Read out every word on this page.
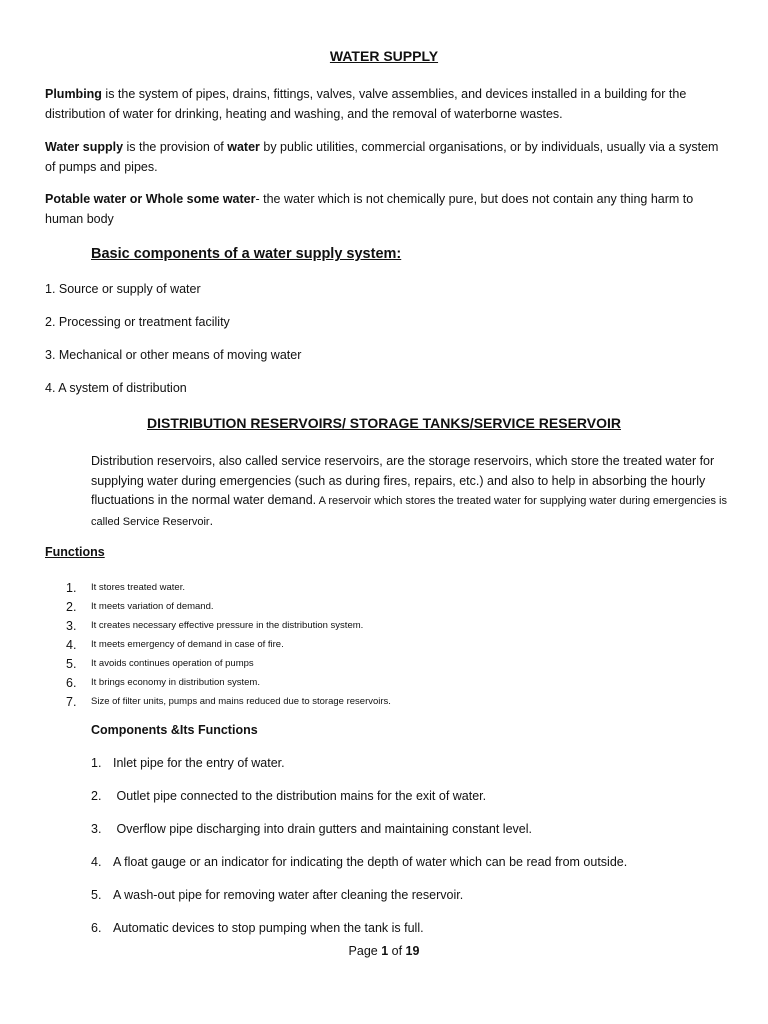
WATER SUPPLY
Plumbing is the system of pipes, drains, fittings, valves, valve assemblies, and devices installed in a building for the distribution of water for drinking, heating and washing, and the removal of waterborne wastes.
Water supply is the provision of water by public utilities, commercial organisations, or by individuals, usually via a system of pumps and pipes.
Potable water or Whole some water- the water which is not chemically pure, but does not contain any thing harm to human body
Basic components of a water supply system:
1. Source or supply of water
2. Processing or treatment facility
3. Mechanical or other means of moving water
4. A system of distribution
DISTRIBUTION RESERVOIRS/ STORAGE TANKS/SERVICE RESERVOIR
Distribution reservoirs, also called service reservoirs, are the storage reservoirs, which store the treated water for supplying water during emergencies (such as during fires, repairs, etc.) and also to help in absorbing the hourly fluctuations in the normal water demand. A reservoir which stores the treated water for supplying water during emergencies is called Service Reservoir.
Functions
1.	It stores treated water.
2.	It meets variation of demand.
3.	It creates necessary effective pressure in the distribution system.
4.	It meets emergency of demand in case of fire.
5.	It avoids continues operation of pumps
6.	It brings economy in distribution system.
7.	Size of filter units, pumps and mains reduced due to storage reservoirs.
Components &Its Functions
1. Inlet pipe for the entry of water.
2. Outlet pipe connected to the distribution mains for the exit of water.
3. Overflow pipe discharging into drain gutters and maintaining constant level.
4. A float gauge or an indicator for indicating the depth of water which can be read from outside.
5. A wash-out pipe for removing water after cleaning the reservoir.
6. Automatic devices to stop pumping when the tank is full.
Page 1 of 19
